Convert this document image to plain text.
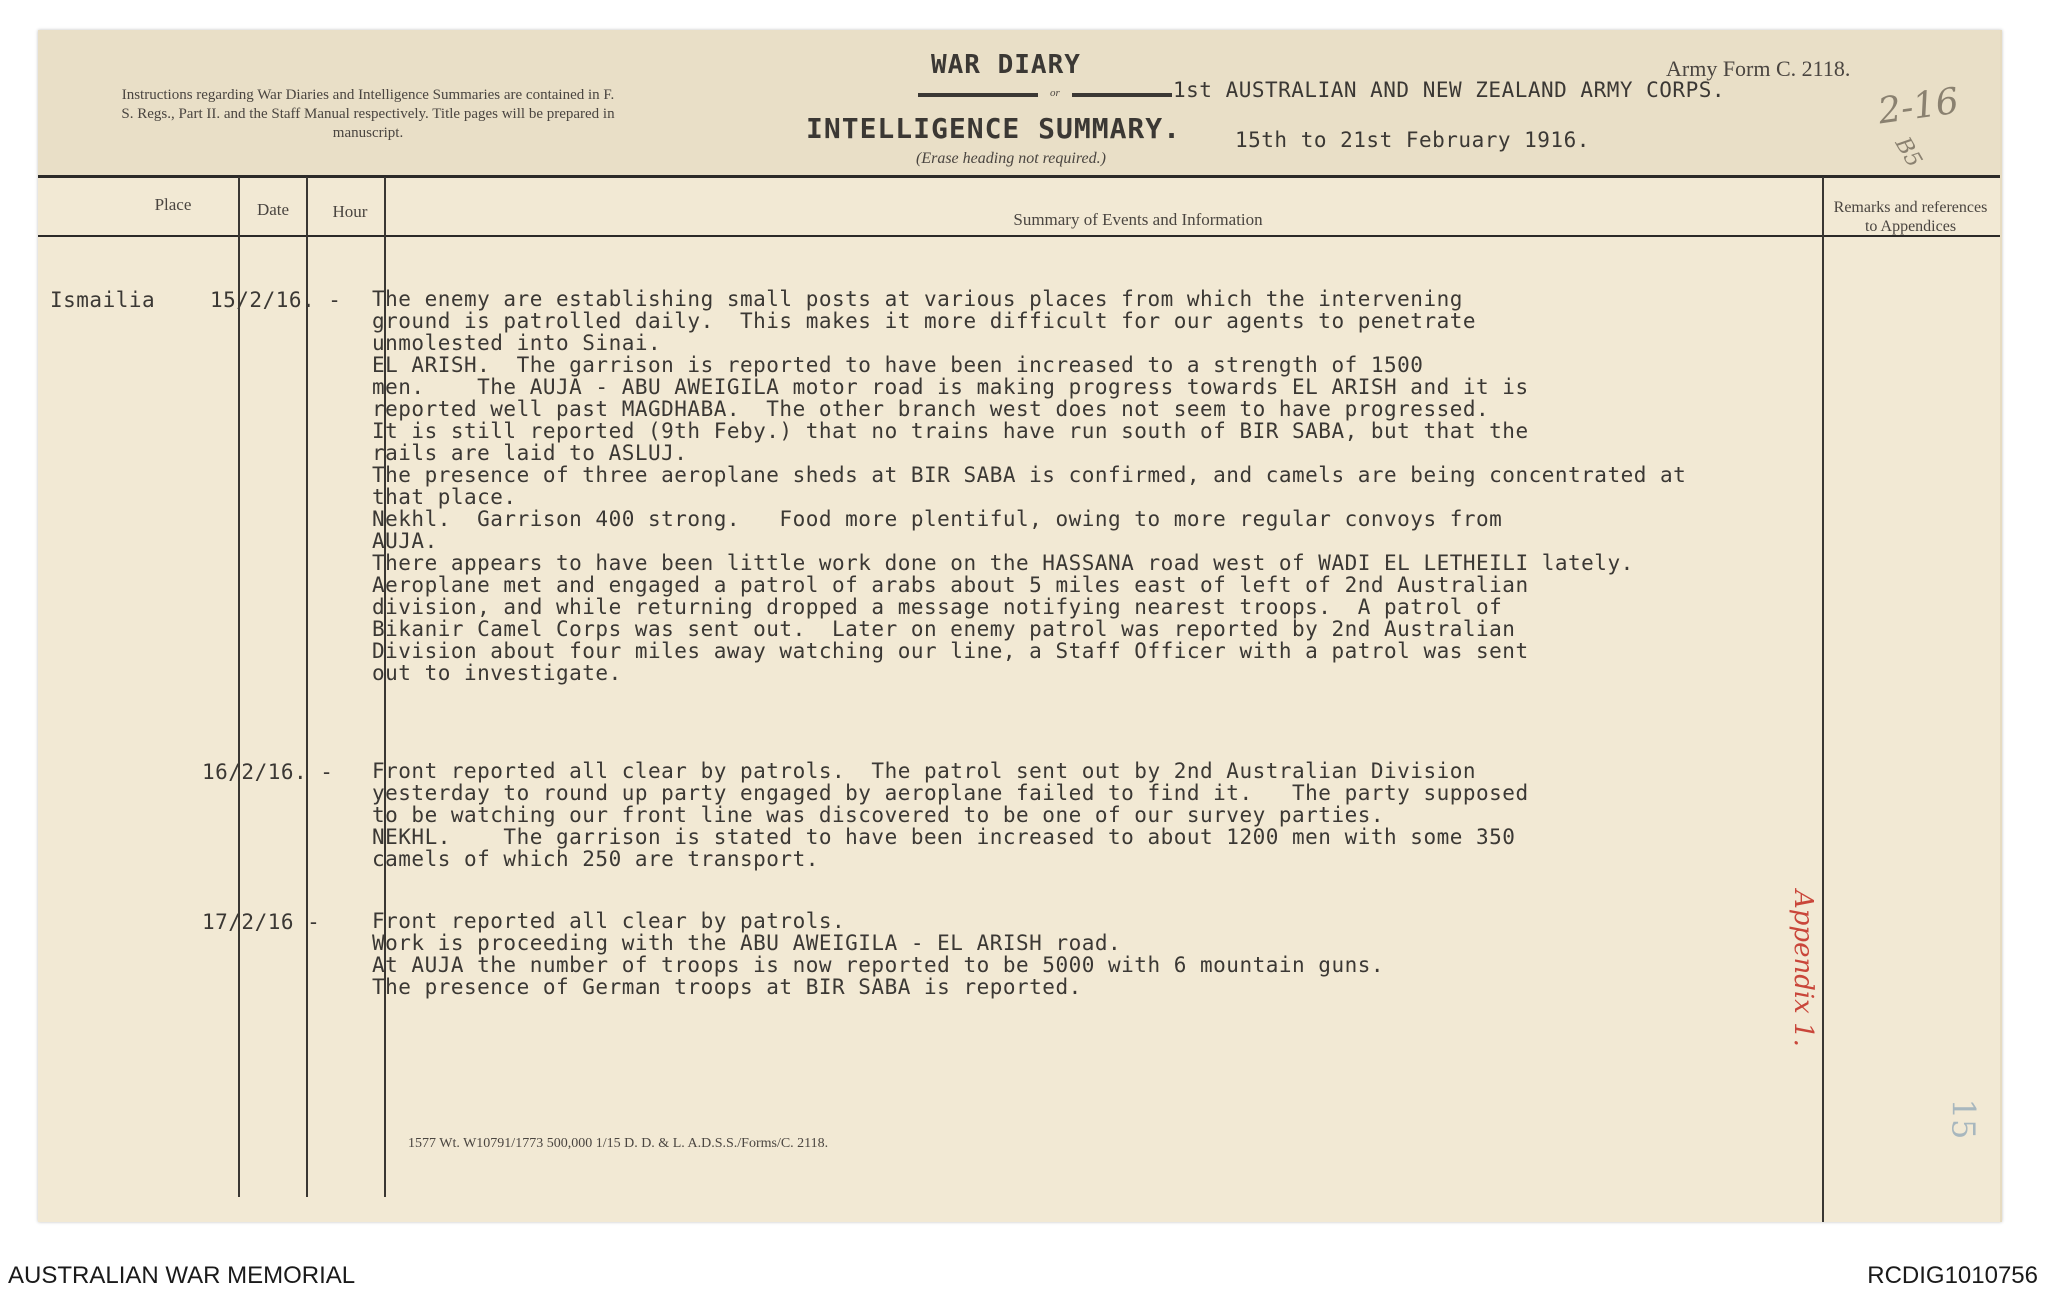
Instructions regarding War Diaries and Intelligence Summaries are contained in F. S. Regs., Part II. and the Staff Manual respectively. Title pages will be prepared in manuscript.
WAR DIARY
or
INTELLIGENCE SUMMARY.
(Erase heading not required.)
Army Form C. 2118.
1st AUSTRALIAN AND NEW ZEALAND ARMY CORPS.
15th to 21st February 1916.
2-16
B5
Place	Date	Hour	Summary of Events and Information
Remarks and references to Appendices
Ismailia	15/2/16. - The enemy are establishing small posts at various places from which the intervening
ground is patrolled daily.  This makes it more difficult for our agents to penetrate
unmolested into Sinai.
EL ARISH.  The garrison is reported to have been increased to a strength of 1500
men.    The AUJA - ABU AWEIGILA motor road is making progress towards EL ARISH and it is
reported well past MAGDHABA.  The other branch west does not seem to have progressed.
It is still reported (9th Feby.) that no trains have run south of BIR SABA, but that the
rails are laid to ASLUJ.
The presence of three aeroplane sheds at BIR SABA is confirmed, and camels are being concentrated at
that place.
Nekhl.  Garrison 400 strong.   Food more plentiful, owing to more regular convoys from
AUJA.
There appears to have been little work done on the HASSANA road west of WADI EL LETHEILI lately.
Aeroplane met and engaged a patrol of arabs about 5 miles east of left of 2nd Australian
division, and while returning dropped a message notifying nearest troops.  A patrol of
Bikanir Camel Corps was sent out.  Later on enemy patrol was reported by 2nd Australian
Division about four miles away watching our line, a Staff Officer with a patrol was sent
out to investigate.
16/2/16. - Front reported all clear by patrols.  The patrol sent out by 2nd Australian Division
yesterday to round up party engaged by aeroplane failed to find it.   The party supposed
to be watching our front line was discovered to be one of our survey parties.
NEKHL.    The garrison is stated to have been increased to about 1200 men with some 350
camels of which 250 are transport.
17/2/16 - Front reported all clear by patrols.
Work is proceeding with the ABU AWEIGILA - EL ARISH road.
At AUJA the number of troops is now reported to be 5000 with 6 mountain guns.
The presence of German troops at BIR SABA is reported.
1577 Wt. W10791/1773 500,000 1/15 D. D. & L. A.D.S.S./Forms/C. 2118.
Appendix 1.
15
AUSTRALIAN WAR MEMORIAL	RCDIG1010756
